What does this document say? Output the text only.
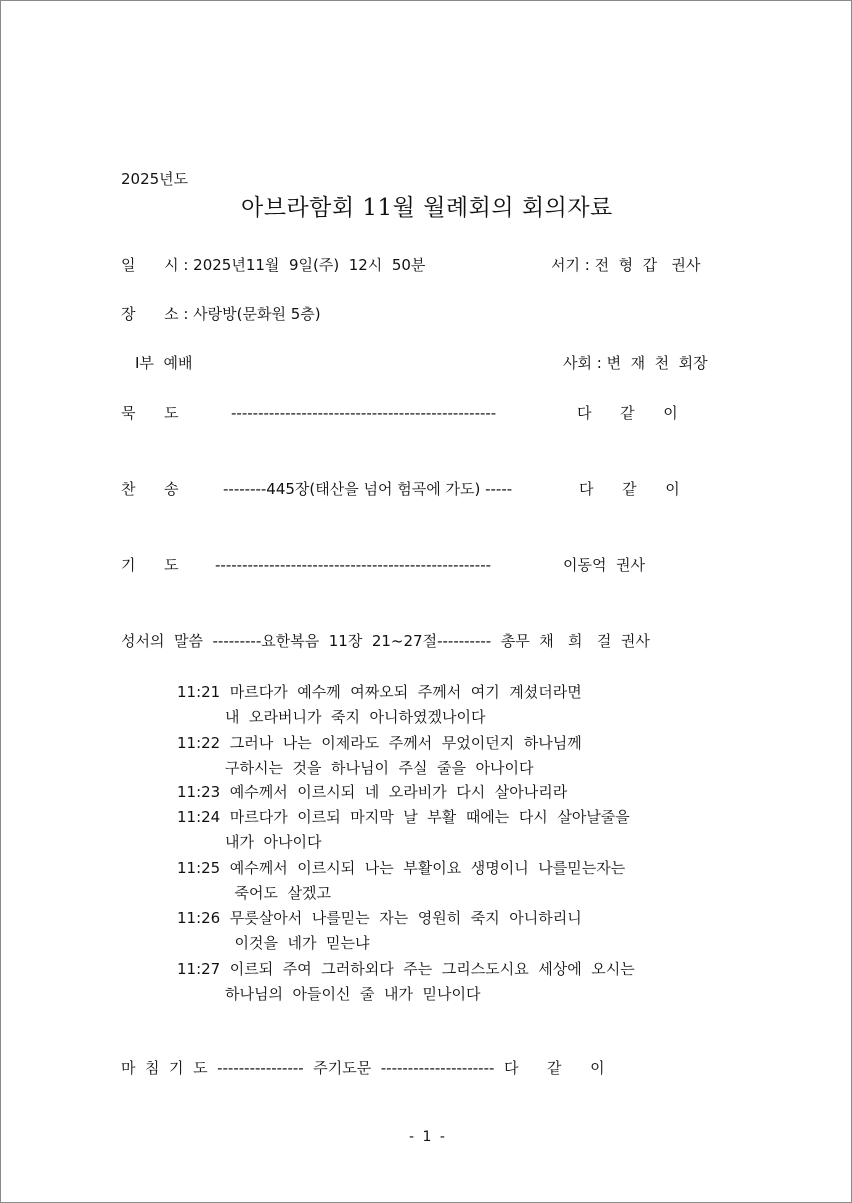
2025년도
아브라함회 11월 월례회의 회의자료
일      시 : 2025년11월  9일(주)  12시  50분	서기 : 전  형  갑   권사
장      소 : 사랑방(문화원 5층)
I부  예배	사회 : 변  재  천  회장
묵      도	-------------------------------------------------	다      같      이
찬      송	--------445장(태산을 넘어 험곡에 가도) -----	다      같      이
기      도 ---------------------------------------------------	이동억  권사
성서의  말씀  ---------요한복음  11장  21~27절----------  총무  채   희   걸  권사
11:21  마르다가  예수께  여짜오되  주께서  여기  계셨더라면
내  오라버니가  죽지  아니하였겠나이다
11:22  그러나  나는  이제라도  주께서  무었이던지  하나님께
구하시는  것을  하나님이  주실  줄을  아나이다
11:23  예수께서  이르시되  네  오라비가  다시  살아나리라
11:24  마르다가  이르되  마지막  날  부활  때에는  다시  살아날줄을
내가  아나이다
11:25  예수께서  이르시되  나는  부활이요  생명이니  나를믿는자는
죽어도  살겠고
11:26  무릇살아서  나를믿는  자는  영원히  죽지  아니하리니
이것을  네가  믿는냐
11:27  이르되  주여  그러하외다  주는  그리스도시요  세상에  오시는
하나님의  아들이신  줄  내가  믿나이다
마  침  기  도  ----------------  주기도문  ---------------------  다      같      이
- 1 -
